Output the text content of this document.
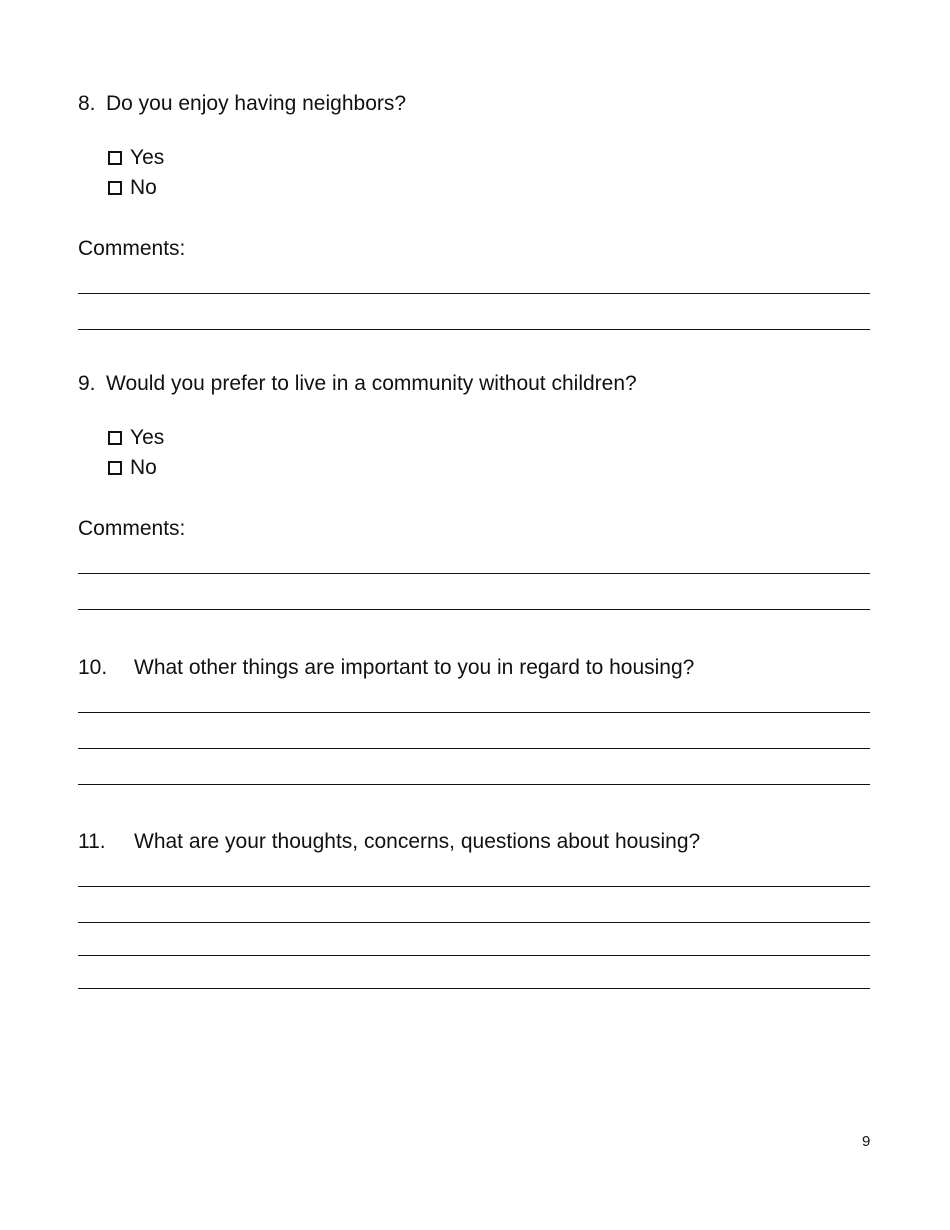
8. Do you enjoy having neighbors?
Yes
No
Comments:
9. Would you prefer to live in a community without children?
Yes
No
Comments:
10. What other things are important to you in regard to housing?
11. What are your thoughts, concerns, questions about housing?
9
